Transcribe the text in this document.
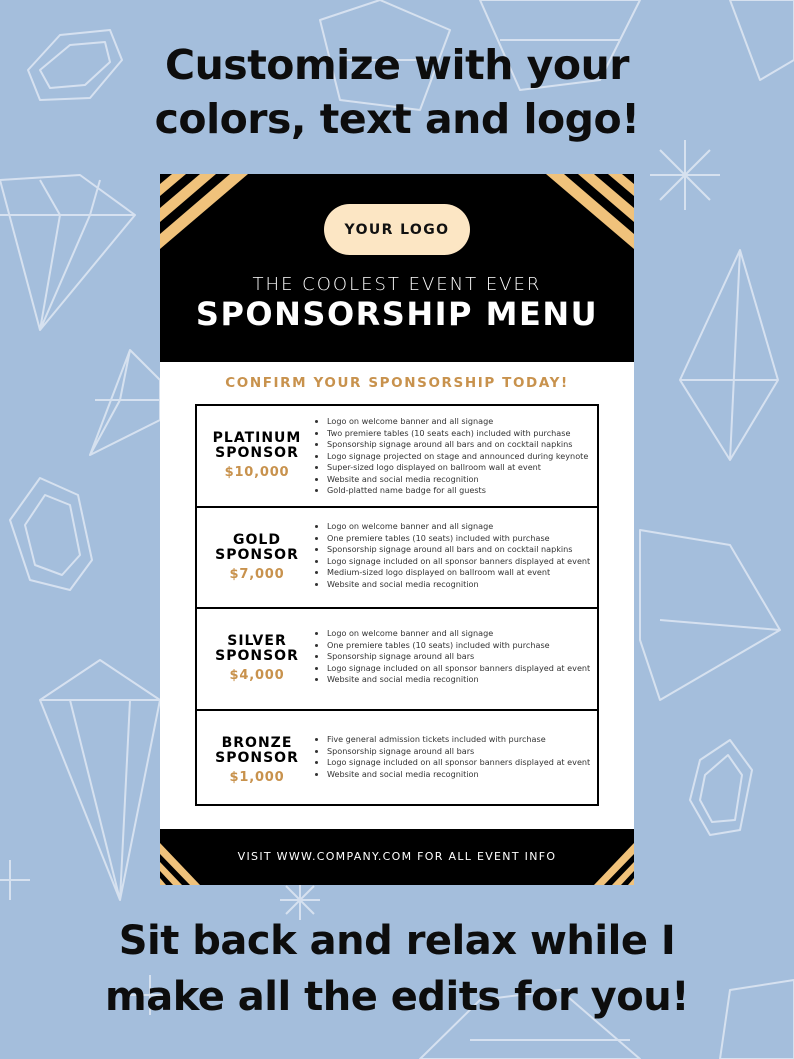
Customize with your
colors, text and logo!
YOUR LOGO
THE COOLEST EVENT EVER
SPONSORSHIP MENU
CONFIRM YOUR SPONSORSHIP TODAY!
PLATINUM
SPONSOR
$10,000
• Logo on welcome banner and all signage
• Two premiere tables (10 seats each) included with purchase
• Sponsorship signage around all bars and on cocktail napkins
• Logo signage projected on stage and announced during keynote
• Super-sized logo displayed on ballroom wall at event
• Website and social media recognition
• Gold-platted name badge for all guests
GOLD
SPONSOR
$7,000
• Logo on welcome banner and all signage
• One premiere tables (10 seats) included with purchase
• Sponsorship signage around all bars and on cocktail napkins
• Logo signage included on all sponsor banners displayed at event
• Medium-sized logo displayed on ballroom wall at event
• Website and social media recognition
SILVER
SPONSOR
$4,000
• Logo on welcome banner and all signage
• One premiere tables (10 seats) included with purchase
• Sponsorship signage around all bars
• Logo signage included on all sponsor banners displayed at event
• Website and social media recognition
BRONZE
SPONSOR
$1,000
• Five general admission tickets included with purchase
• Sponsorship signage around all bars
• Logo signage included on all sponsor banners displayed at event
• Website and social media recognition
VISIT WWW.COMPANY.COM FOR ALL EVENT INFO
Sit back and relax while I
make all the edits for you!
